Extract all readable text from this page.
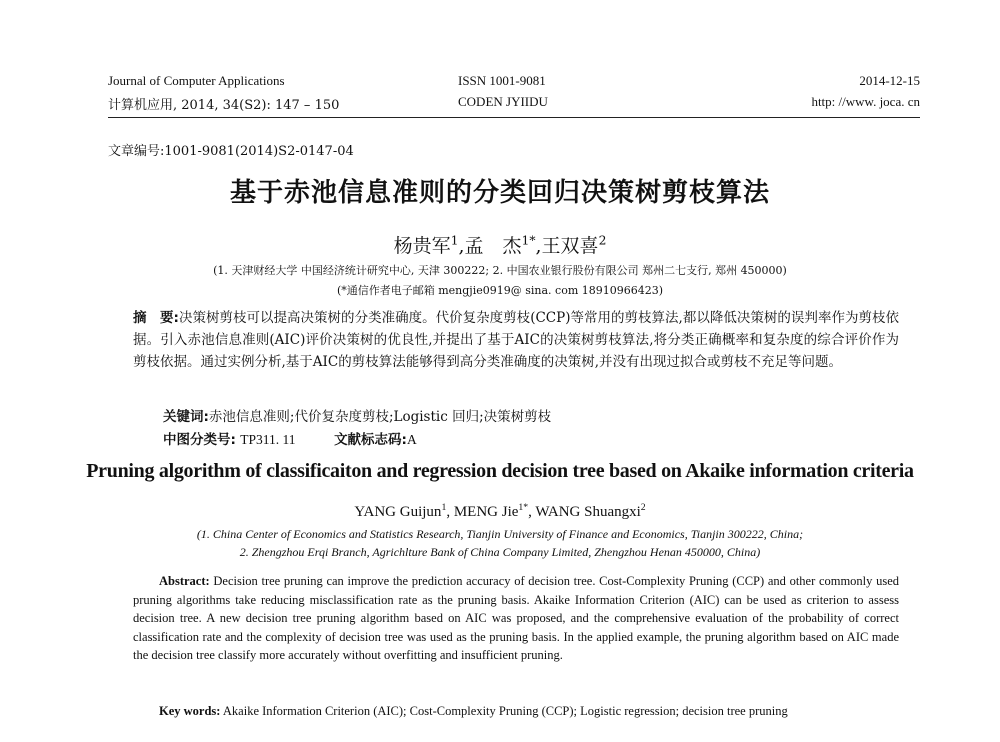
Journal of Computer Applications
计算机应用, 2014, 34(S2): 147 – 150
ISSN 1001-9081
CODEN JYIIDU
2014-12-15
http: //www. joca. cn
文章编号:1001-9081(2014)S2-0147-04
基于赤池信息准则的分类回归决策树剪枝算法
杨贵军$^1$,孟　杰$^{1*}$,王双喜$^2$
(1. 天津财经大学 中国经济统计研究中心, 天津 300222; 2. 中国农业银行股份有限公司 郑州二七支行, 郑州 450000)
(*通信作者电子邮箱 mengjie0919@ sina. com 18910966423)
摘　要:决策树剪枝可以提高决策树的分类准确度。代价复杂度剪枝(CCP)等常用的剪枝算法,都以降低决策树的误判率作为剪枝依据。引入赤池信息准则(AIC)评价决策树的优良性,并提出了基于AIC的决策树剪枝算法,将分类正确概率和复杂度的综合评价作为剪枝依据。通过实例分析,基于AIC的剪枝算法能够得到高分类准确度的决策树,并没有出现过拟合或剪枝不充足等问题。
关键词:赤池信息准则;代价复杂度剪枝;Logistic 回归;决策树剪枝
中图分类号: TP311. 11	文献标志码:A
Pruning algorithm of classificaiton and regression decision tree based on Akaike information criteria
YANG Guijun$^1$, MENG Jie$^{1*}$, WANG Shuangxi$^2$
(1. China Center of Economics and Statistics Research, Tianjin University of Finance and Economics, Tianjin 300222, China;
2. Zhengzhou Erqi Branch, Agrichlture Bank of China Company Limited, Zhengzhou Henan 450000, China)
Abstract: Decision tree pruning can improve the prediction accuracy of decision tree. Cost-Complexity Pruning (CCP) and other commonly used pruning algorithms take reducing misclassification rate as the pruning basis. Akaike Information Criterion (AIC) can be used as criterion to assess decision tree. A new decision tree pruning algorithm based on AIC was proposed, and the comprehensive evaluation of the probability of correct classification rate and the complexity of decision tree was used as the pruning basis. In the applied example, the pruning algorithm based on AIC made the decision tree classify more accurately without overfitting and insufficient pruning.
Key words: Akaike Information Criterion (AIC); Cost-Complexity Pruning (CCP); Logistic regression; decision tree pruning
